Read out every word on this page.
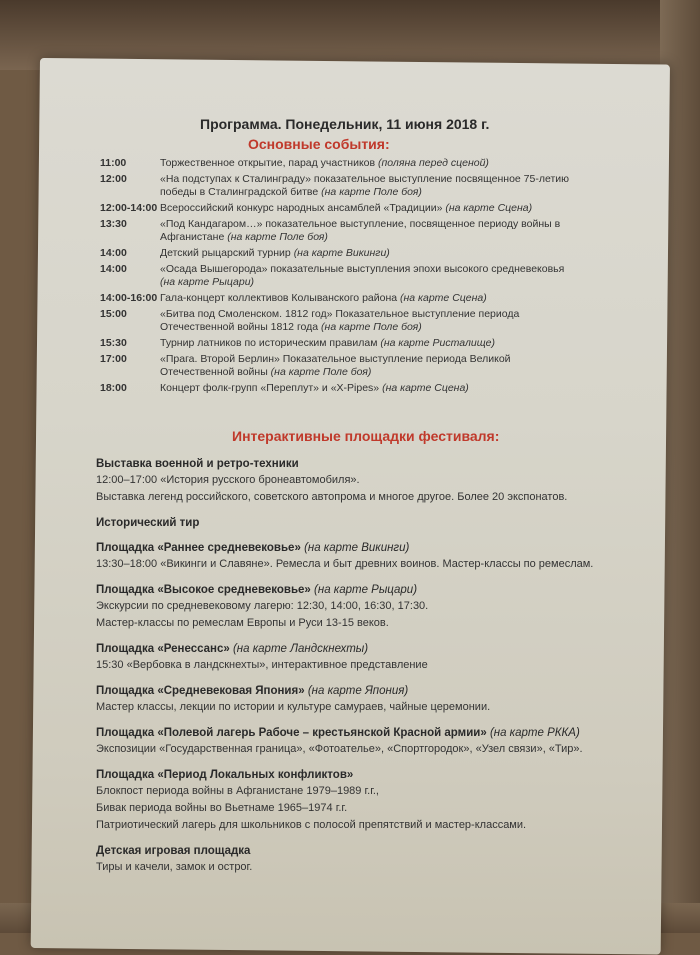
Программа. Понедельник, 11 июня 2018 г.
Основные события:
11:00	Торжественное открытие, парад участников (поляна перед сценой)
12:00	«На подступах к Сталинграду» показательное выступление посвященное 75-летию победы в Сталинградской битве (на карте Поле боя)
12:00-14:00 Всероссийский конкурс народных ансамблей «Традиции» (на карте Сцена)
13:30	«Под Кандагаром…» показательное выступление, посвященное периоду войны в Афганистане (на карте Поле боя)
14:00	Детский рыцарский турнир (на карте Викинги)
14:00	«Осада Вышегорода» показательные выступления эпохи высокого средневековья (на карте Рыцари)
14:00-16:00 Гала-концерт коллективов Колыванского района (на карте Сцена)
15:00	«Битва под Смоленском. 1812 год» Показательное выступление периода Отечественной войны 1812 года (на карте Поле боя)
15:30	Турнир латников по историческим правилам (на карте Ристалище)
17:00	«Прага. Второй Берлин» Показательное выступление периода Великой Отечественной войны (на карте Поле боя)
18:00	Концерт фолк-групп «Переплут» и «X-Pipes» (на карте Сцена)
Интерактивные площадки фестиваля:
Выставка военной и ретро-техники
12:00–17:00 «История русского бронеавтомобиля».
Выставка легенд российского, советского автопрома и многое другое. Более 20 экспонатов.
Исторический тир
Площадка «Раннее средневековье» (на карте Викинги)
13:30–18:00 «Викинги и Славяне». Ремесла и быт древних воинов. Мастер-классы по ремеслам.
Площадка «Высокое средневековье» (на карте Рыцари)
Экскурсии по средневековому лагерю: 12:30, 14:00, 16:30, 17:30.
Мастер-классы по ремеслам Европы и Руси 13-15 веков.
Площадка «Ренессанс» (на карте Ландскнехты)
15:30 «Вербовка в ландскнехты», интерактивное представление
Площадка «Средневековая Япония» (на карте Япония)
Мастер классы, лекции по истории и культуре самураев, чайные церемонии.
Площадка «Полевой лагерь Рабоче – крестьянской Красной армии» (на карте РККА)
Экспозиции «Государственная граница», «Фотоателье», «Спортгородок», «Узел связи», «Тир».
Площадка «Период Локальных конфликтов»
Блокпост периода войны в Афганистане 1979–1989 г.г.,
Бивак периода войны во Вьетнаме 1965–1974 г.г.
Патриотический лагерь для школьников с полосой препятствий и мастер-классами.
Детская игровая площадка
Тиры и качели, замок и острог.
